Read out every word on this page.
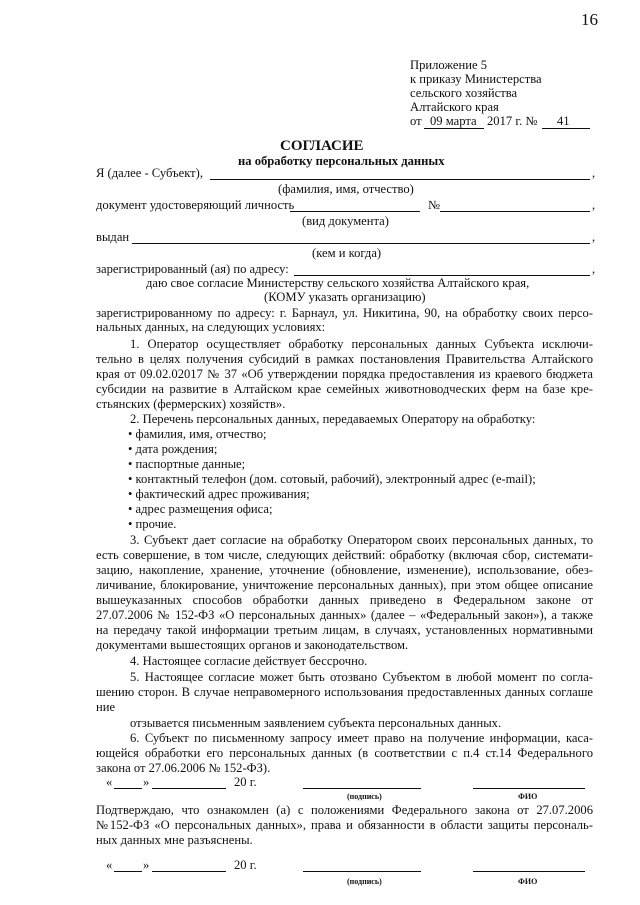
16
Приложение 5
к приказу Министерства
сельского хозяйства
Алтайского края
от 09 марта 2017 г. № 41
СОГЛАСИЕ
на обработку персональных данных
Я (далее - Субъект),	,
(фамилия, имя, отчество)
документ удостоверяющий личность	№	,
(вид документа)
выдан	,
(кем и когда)
зарегистрированный (ая) по адресу:	,
даю свое согласие Министерству сельского хозяйства Алтайского края,
(КОМУ указать организацию)
зарегистрированному по адресу: г. Барнаул, ул. Никитина, 90, на обработку своих персо-
нальных данных, на следующих условиях:
1. Оператор осуществляет обработку персональных данных Субъекта исключи-
тельно в целях получения субсидий в рамках постановления Правительства Алтайского
края от 09.02.02017 № 37 «Об утверждении порядка предоставления из краевого бюджета
субсидии на развитие в Алтайском крае семейных животноводческих ферм на базе кре-
стьянских (фермерских) хозяйств».
2. Перечень персональных данных, передаваемых Оператору на обработку:
• фамилия, имя, отчество;
• дата рождения;
• паспортные данные;
• контактный телефон (дом. сотовый, рабочий), электронный адрес (e-mail);
• фактический адрес проживания;
• адрес размещения офиса;
• прочие.
3. Субъект дает согласие на обработку Оператором своих персональных данных, то
есть совершение, в том числе, следующих действий: обработку (включая сбор, системати-
зацию, накопление, хранение, уточнение (обновление, изменение), использование, обез-
личивание, блокирование, уничтожение персональных данных), при этом общее описание
вышеуказанных способов обработки данных приведено в Федеральном законе от
27.07.2006 № 152-ФЗ «О персональных данных» (далее – «Федеральный закон»), а также
на передачу такой информации третьим лицам, в случаях, установленных нормативными
документами вышестоящих органов и законодательством.
4. Настоящее согласие действует бессрочно.
5. Настоящее согласие может быть отозвано Субъектом в любой момент по согла-
шению сторон. В случае неправомерного использования предоставленных данных соглаше
ние
отзывается письменным заявлением субъекта персональных данных.
6. Субъект по письменному запросу имеет право на получение информации, каса-
ющейся обработки его персональных данных (в соответствии с п.4 ст.14 Федерального
закона от 27.06.2006 № 152-ФЗ).
« »	20 г.
(подпись)	ФИО
Подтверждаю, что ознакомлен (а) с положениями Федерального закона от 27.07.2006
№152-ФЗ «О персональных данных», права и обязанности в области защиты персональ-
ных данных мне разъяснены.
« »	20 г.
(подпись)	ФИО
